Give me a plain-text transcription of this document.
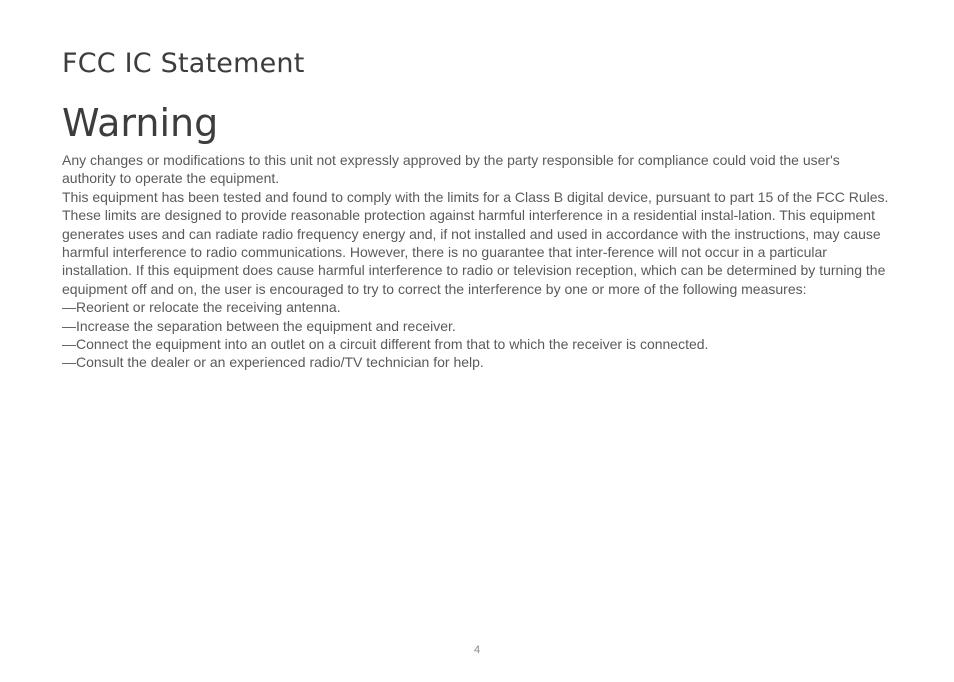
FCC IC Statement
Warning

Any changes or modifications to this unit not expressly approved by the party responsible for compliance could void the user's authority to operate the equipment.

This equipment has been tested and found to comply with the limits for a Class B digital device, pursuant to part 15 of the FCC Rules. These limits are designed to provide reasonable protection against harmful interference in a residential instal-lation. This equipment generates uses and can radiate radio frequency energy and, if not installed and used in accordance with the instructions, may cause harmful interference to radio communications. However, there is no guarantee that inter-ference will not occur in a particular installation. If this equipment does cause harmful interference to radio or television reception, which can be determined by turning the equipment off and on, the user is encouraged to try to correct the interference by one or more of the following measures:

—Reorient or relocate the receiving antenna.

—Increase the separation between the equipment and receiver.

—Connect the equipment into an outlet on a circuit different from that to which the receiver is connected.

—Consult the dealer or an experienced radio/TV technician for help.

4
